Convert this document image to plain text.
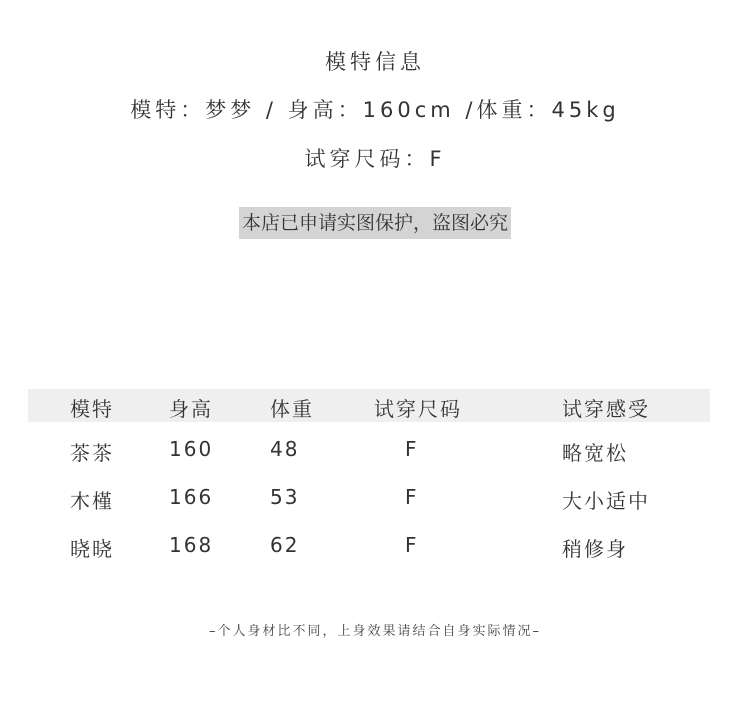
模特信息
模特：梦梦 / 身高：160cm /体重：45kg
试穿尺码：F
本店已申请实图保护，盗图必究
模特	身高	体重	试穿尺码	试穿感受
茶茶	160	48	F	略宽松
木槿	166	53	F	大小适中
晓晓	168	62	F	稍修身
–个人身材比不同，上身效果请结合自身实际情况–
